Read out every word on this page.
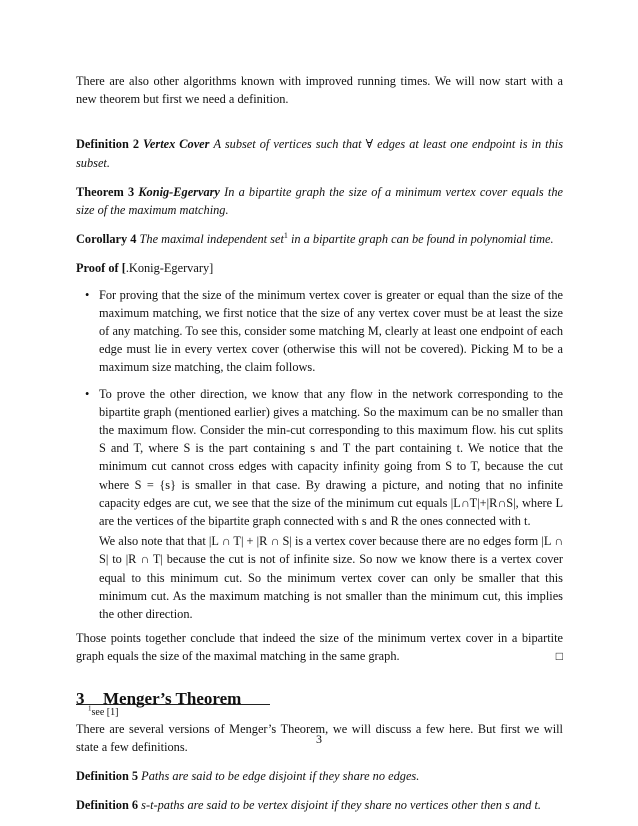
There are also other algorithms known with improved running times. We will now start with a new theorem but first we need a definition.

Definition 2 Vertex Cover A subset of vertices such that ∀ edges at least one endpoint is in this subset.

Theorem 3 Konig-Egervary In a bipartite graph the size of a minimum vertex cover equals the size of the maximum matching.

Corollary 4 The maximal independent set$^1$ in a bipartite graph can be found in polynomial time.

Proof of [.Konig-Egervary]

• For proving that the size of the minimum vertex cover is greater or equal than the size of the maximum matching, we first notice that the size of any vertex cover must be at least the size of any matching. To see this, consider some matching M, clearly at least one endpoint of each edge must lie in every vertex cover (otherwise this will not be covered). Picking M to be a maximum size matching, the claim follows.
• To prove the other direction, we know that any flow in the network corresponding to the bipartite graph (mentioned earlier) gives a matching. So the maximum can be no smaller than the maximum flow. Consider the min-cut corresponding to this maximum flow. his cut splits S and T, where S is the part containing s and T the part containing t. We notice that the minimum cut cannot cross edges with capacity infinity going from S to T, because the cut where S = {s} is smaller in that case. By drawing a picture, and noting that no infinite capacity edges are cut, we see that the size of the minimum cut equals |L∩T|+|R∩S|, where L are the vertices of the bipartite graph connected with s and R the ones connected with t.
We also note that that |L ∩ T| + |R ∩ S| is a vertex cover because there are no edges form |L ∩ S| to |R ∩ T| because the cut is not of infinite size. So now we know there is a vertex cover equal to this minimum cut. So the minimum vertex cover can only be smaller that this minimum cut. As the maximum matching is not smaller than the minimum cut, this implies the other direction.

Those points together conclude that indeed the size of the minimum vertex cover in a bipartite graph equals the size of the maximal matching in the same graph.	□

3	Menger’s Theorem

There are several versions of Menger’s Theorem, we will discuss a few here. But first we will state a few definitions.

Definition 5 Paths are said to be edge disjoint if they share no edges.

Definition 6 s-t-paths are said to be vertex disjoint if they share no vertices other then s and t.

$^1$see [1]
3
